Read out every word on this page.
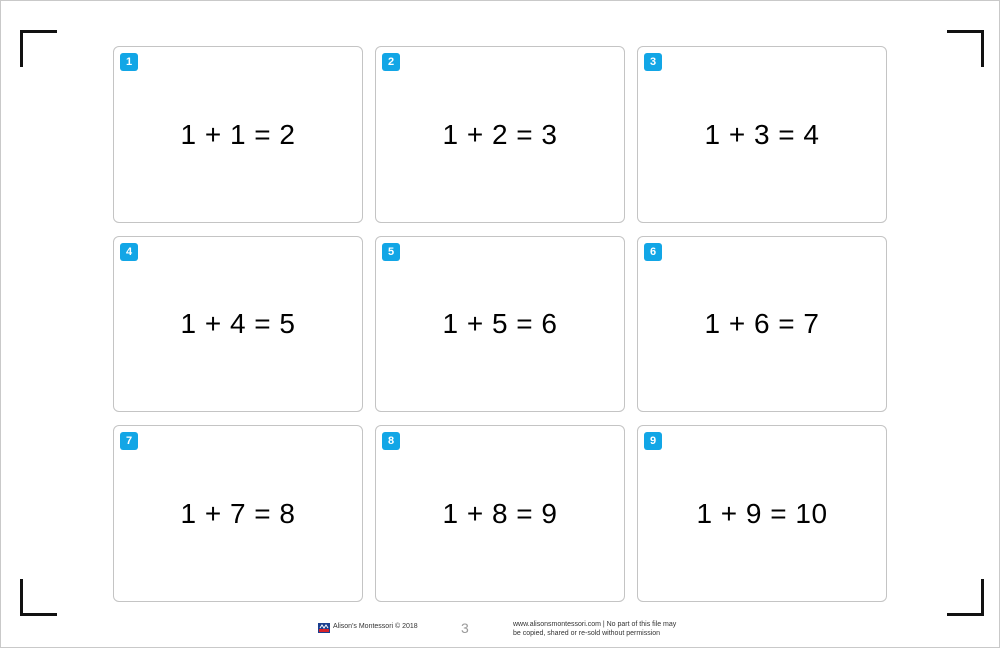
1
1 + 1 = 2
2
1 + 2 = 3
3
1 + 3 = 4
4
1 + 4 = 5
5
1 + 5 = 6
6
1 + 6 = 7
7
1 + 7 = 8
8
1 + 8 = 9
9
1 + 9 = 10
Alison's Montessori © 2018	3	www.alisonsmontessori.com | No part of this file may
be copied, shared or re-sold without permission
